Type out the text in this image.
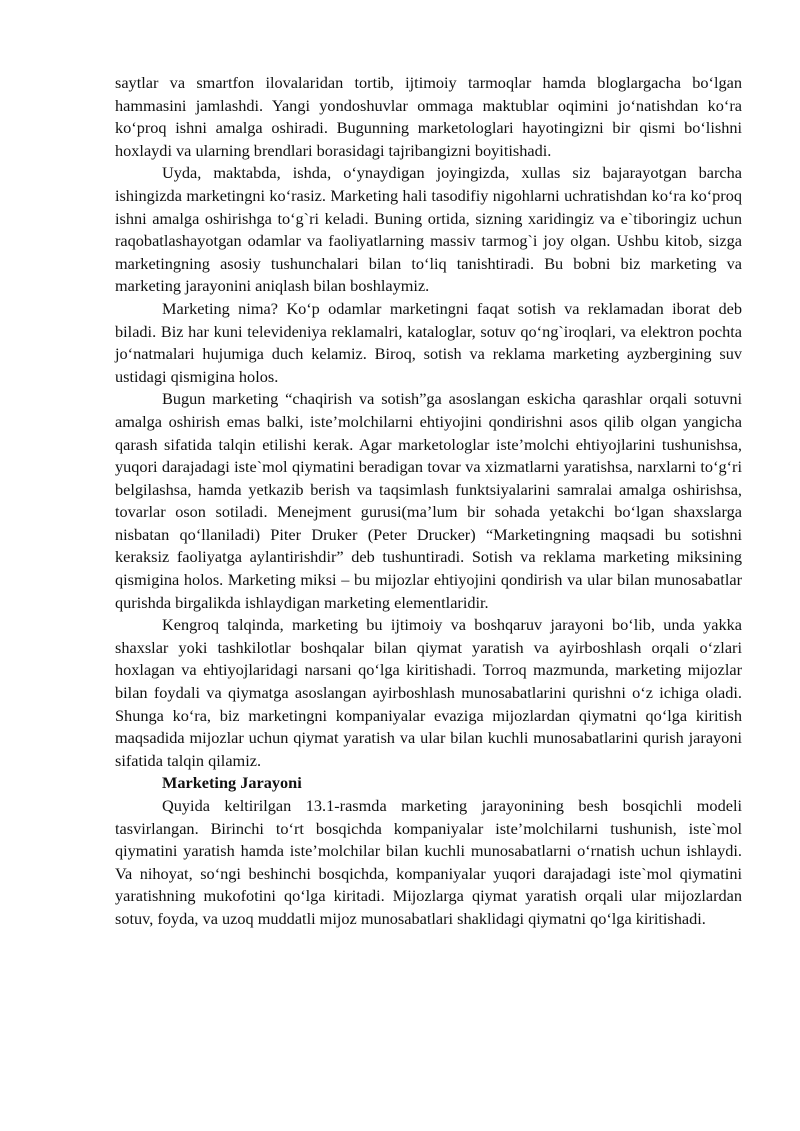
saytlar va smartfon ilovalaridan tortib, ijtimoiy tarmoqlar hamda bloglargacha bo‘lgan hammasini jamlashdi. Yangi yondoshuvlar ommaga maktublar oqimini jo‘natishdan ko‘ra ko‘proq ishni amalga oshiradi. Bugunning marketologlari hayotingizni bir qismi bo‘lishni hoxlaydi va ularning brendlari borasidagi tajribangizni boyitishadi.

Uyda, maktabda, ishda, o‘ynaydigan joyingizda, xullas siz bajarayotgan barcha ishingizda marketingni ko‘rasiz. Marketing hali tasodifiy nigohlarni uchratishdan ko‘ra ko‘proq ishni amalga oshirishga to‘g`ri keladi. Buning ortida, sizning xaridingiz va e`tiboringiz uchun raqobatlashayotgan odamlar va faoliyatlarning massiv tarmog`i joy olgan. Ushbu kitob, sizga marketingning asosiy tushunchalari bilan to‘liq tanishtiradi. Bu bobni biz marketing va marketing jarayonini aniqlash bilan boshlaymiz.

Marketing nima? Ko‘p odamlar marketingni faqat sotish va reklamadan iborat deb biladi. Biz har kuni televideniya reklamalri, kataloglar, sotuv qo‘ng`iroqlari, va elektron pochta jo‘natmalari hujumiga duch kelamiz. Biroq, sotish va reklama marketing ayzbergining suv ustidagi qismigina holos.

Bugun marketing “chaqirish va sotish”ga asoslangan eskicha qarashlar orqali sotuvni amalga oshirish emas balki, iste’molchilarni ehtiyojini qondirishni asos qilib olgan yangicha qarash sifatida talqin etilishi kerak. Agar marketologlar iste’molchi ehtiyojlarini tushunishsa, yuqori darajadagi iste`mol qiymatini beradigan tovar va xizmatlarni yaratishsa, narxlarni to‘g‘ri belgilashsa, hamda yetkazib berish va taqsimlash funktsiyalarini samralai amalga oshirishsa, tovarlar oson sotiladi. Menejment gurusi(ma’lum bir sohada yetakchi bo‘lgan shaxslarga nisbatan qo‘llaniladi) Piter Druker (Peter Drucker) “Marketingning maqsadi bu sotishni keraksiz faoliyatga aylantirishdir” deb tushuntiradi. Sotish va reklama marketing miksining qismigina holos. Marketing miksi – bu mijozlar ehtiyojini qondirish va ular bilan munosabatlar qurishda birgalikda ishlaydigan marketing elementlaridir.

Kengroq talqinda, marketing bu ijtimoiy va boshqaruv jarayoni bo‘lib, unda yakka shaxslar yoki tashkilotlar boshqalar bilan qiymat yaratish va ayirboshlash orqali o‘zlari hoxlagan va ehtiyojlaridagi narsani qo‘lga kiritishadi. Torroq mazmunda, marketing mijozlar bilan foydali va qiymatga asoslangan ayirboshlash munosabatlarini qurishni o‘z ichiga oladi. Shunga ko‘ra, biz marketingni kompaniyalar evaziga mijozlardan qiymatni qo‘lga kiritish maqsadida mijozlar uchun qiymat yaratish va ular bilan kuchli munosabatlarini qurish jarayoni sifatida talqin qilamiz.

Marketing Jarayoni

Quyida keltirilgan 13.1-rasmda marketing jarayonining besh bosqichli modeli tasvirlangan. Birinchi to‘rt bosqichda kompaniyalar iste’molchilarni tushunish, iste`mol qiymatini yaratish hamda iste’molchilar bilan kuchli munosabatlarni o‘rnatish uchun ishlaydi. Va nihoyat, so‘ngi beshinchi bosqichda, kompaniyalar yuqori darajadagi iste`mol qiymatini yaratishning mukofotini qo‘lga kiritadi. Mijozlarga qiymat yaratish orqali ular mijozlardan sotuv, foyda, va uzoq muddatli mijoz munosabatlari shaklidagi qiymatni qo‘lga kiritishadi.
